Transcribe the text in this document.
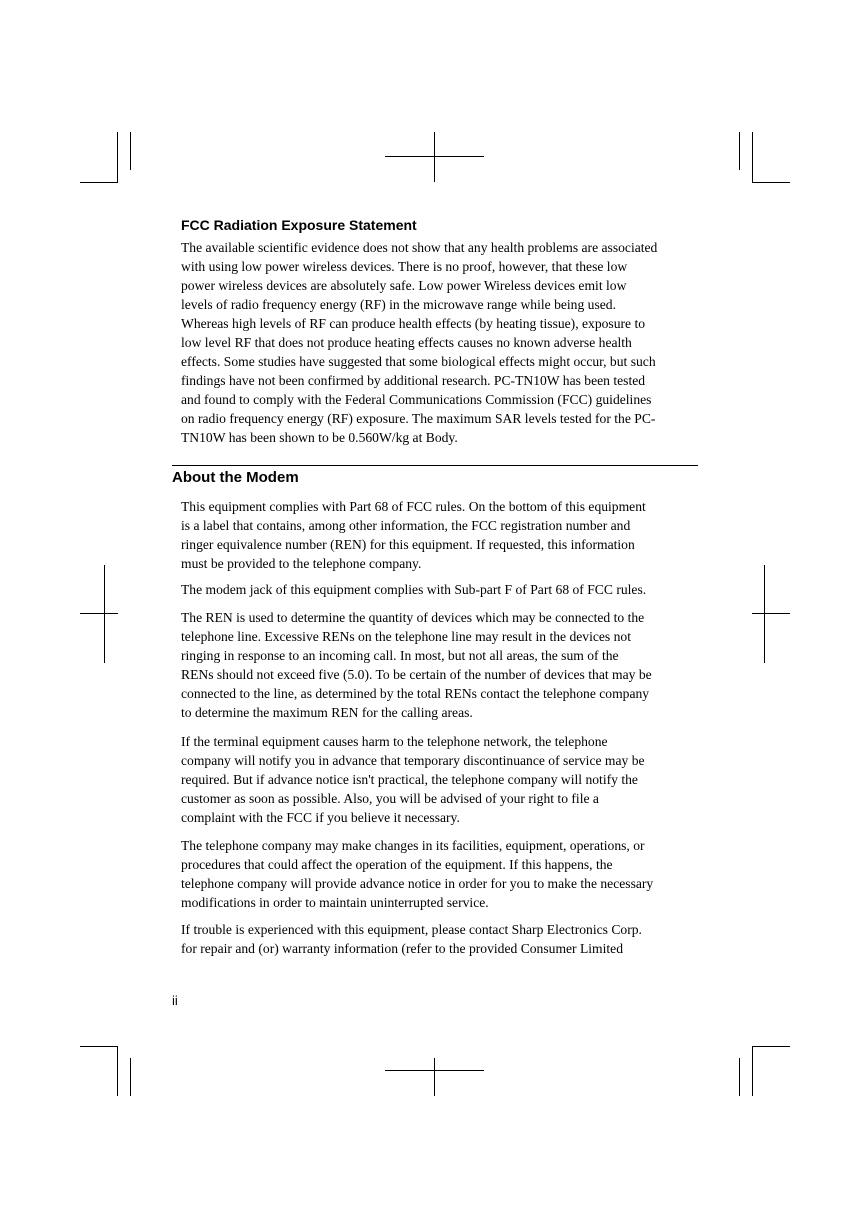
FCC Radiation Exposure Statement

The available scientific evidence does not show that any health problems are associated
with using low power wireless devices. There is no proof, however, that these low
power wireless devices are absolutely safe. Low power Wireless devices emit low
levels of radio frequency energy (RF) in the microwave range while being used.
Whereas high levels of RF can produce health effects (by heating tissue), exposure to
low level RF that does not produce heating effects causes no known adverse health
effects. Some studies have suggested that some biological effects might occur, but such
findings have not been confirmed by additional research. PC-TN10W has been tested
and found to comply with the Federal Communications Commission (FCC) guidelines
on radio frequency energy (RF) exposure. The maximum SAR levels tested for the PC-
TN10W has been shown to be 0.560W/kg at Body.

About the Modem

This equipment complies with Part 68 of FCC rules. On the bottom of this equipment
is a label that contains, among other information, the FCC registration number and
ringer equivalence number (REN) for this equipment. If requested, this information
must be provided to the telephone company.

The modem jack of this equipment complies with Sub-part F of Part 68 of FCC rules.

The REN is used to determine the quantity of devices which may be connected to the
telephone line. Excessive RENs on the telephone line may result in the devices not
ringing in response to an incoming call. In most, but not all areas, the sum of the
RENs should not exceed five (5.0). To be certain of the number of devices that may be
connected to the line, as determined by the total RENs contact the telephone company
to determine the maximum REN for the calling areas.

If the terminal equipment causes harm to the telephone network, the telephone
company will notify you in advance that temporary discontinuance of service may be
required. But if advance notice isn't practical, the telephone company will notify the
customer as soon as possible. Also, you will be advised of your right to file a
complaint with the FCC if you believe it necessary.

The telephone company may make changes in its facilities, equipment, operations, or
procedures that could affect the operation of the equipment. If this happens, the
telephone company will provide advance notice in order for you to make the necessary
modifications in order to maintain uninterrupted service.

If trouble is experienced with this equipment, please contact Sharp Electronics Corp.
for repair and (or) warranty information (refer to the provided Consumer Limited

ii
